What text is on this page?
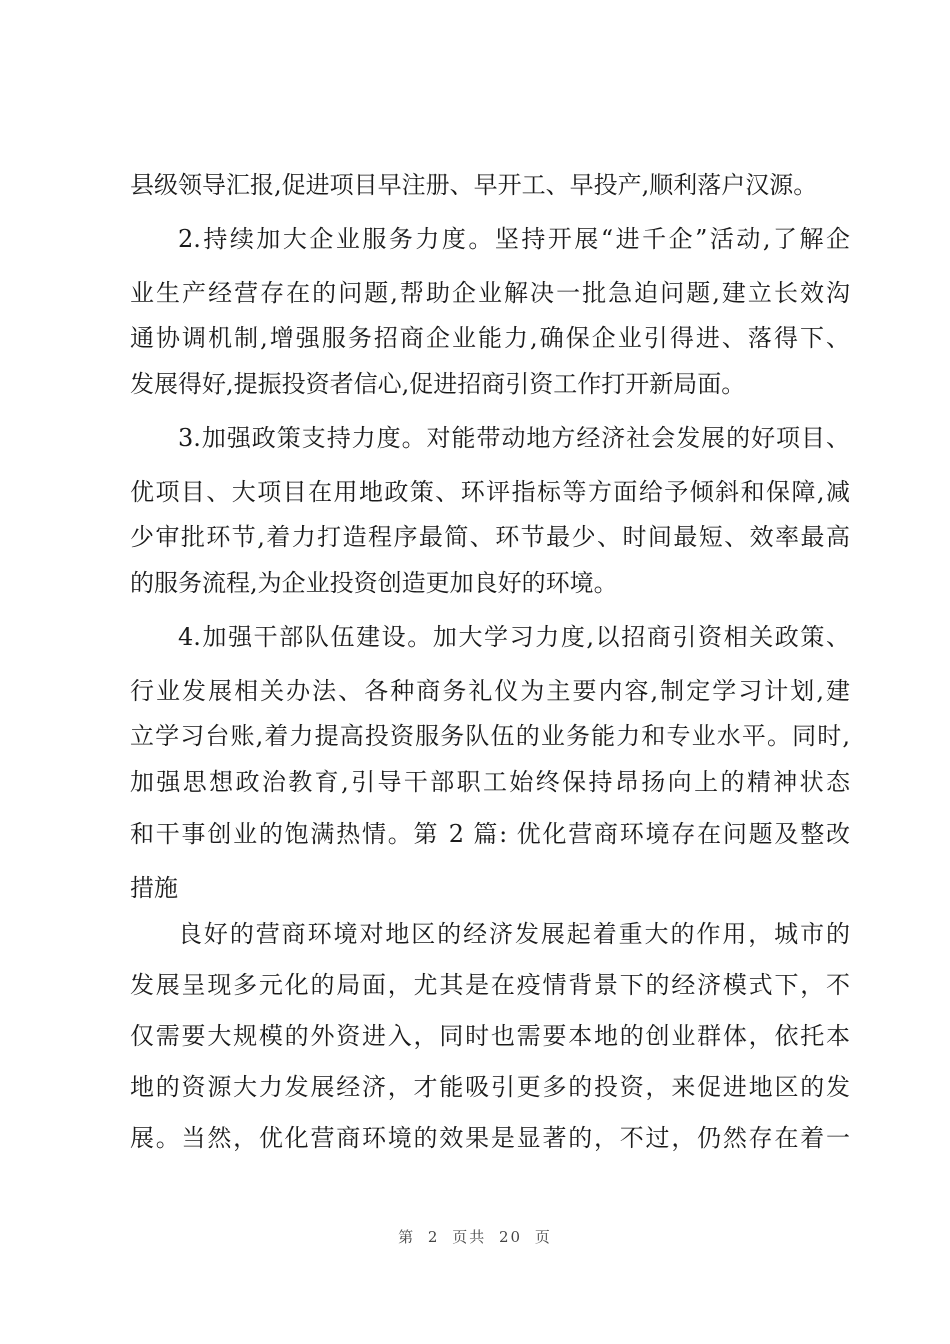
县级领导汇报,促进项目早注册、早开工、早投产,顺利落户汉源。
2.持续加大企业服务力度。坚持开展“进千企”活动,了解企
业生产经营存在的问题,帮助企业解决一批急迫问题,建立长效沟
通协调机制,增强服务招商企业能力,确保企业引得进、落得下、
发展得好,提振投资者信心,促进招商引资工作打开新局面。
3.加强政策支持力度。对能带动地方经济社会发展的好项目、
优项目、大项目在用地政策、环评指标等方面给予倾斜和保障,减
少审批环节,着力打造程序最简、环节最少、时间最短、效率最高
的服务流程,为企业投资创造更加良好的环境。
4.加强干部队伍建设。加大学习力度,以招商引资相关政策、
行业发展相关办法、各种商务礼仪为主要内容,制定学习计划,建
立学习台账,着力提高投资服务队伍的业务能力和专业水平。同时,
加强思想政治教育,引导干部职工始终保持昂扬向上的精神状态
和干事创业的饱满热情。第 2 篇: 优化营商环境存在问题及整改
措施
良好的营商环境对地区的经济发展起着重大的作用，城市的
发展呈现多元化的局面，尤其是在疫情背景下的经济模式下，不
仅需要大规模的外资进入，同时也需要本地的创业群体，依托本
地的资源大力发展经济，才能吸引更多的投资，来促进地区的发
展。当然，优化营商环境的效果是显著的，不过，仍然存在着一
第 2 页共 20 页
